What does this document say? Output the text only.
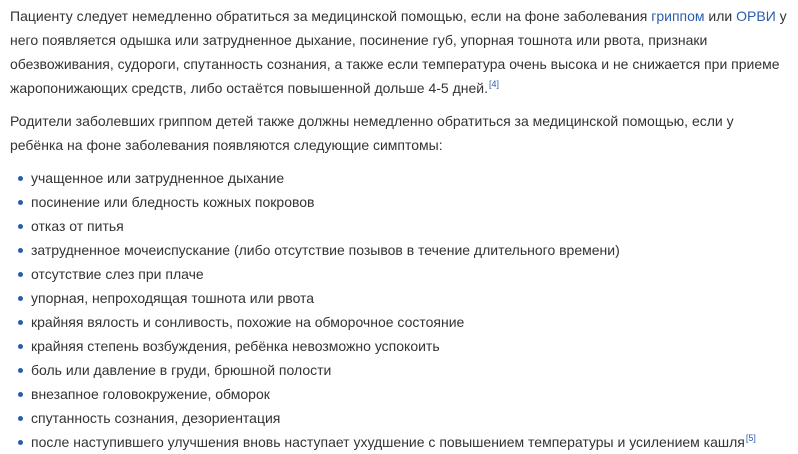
Пациенту следует немедленно обратиться за медицинской помощью, если на фоне заболевания гриппом или ОРВИ у него появляется одышка или затрудненное дыхание, посинение губ, упорная тошнота или рвота, признаки обезвоживания, судороги, спутанность сознания, а также если температура очень высока и не снижается при приеме жаропонижающих средств, либо остаётся повышенной дольше 4-5 дней.[4]

Родители заболевших гриппом детей также должны немедленно обратиться за медицинской помощью, если у ребёнка на фоне заболевания появляются следующие симптомы:

учащенное или затрудненное дыхание
посинение или бледность кожных покровов
отказ от питья
затрудненное мочеиспускание (либо отсутствие позывов в течение длительного времени)
отсутствие слез при плаче
упорная, непроходящая тошнота или рвота
крайняя вялость и сонливость, похожие на обморочное состояние
крайняя степень возбуждения, ребёнка невозможно успокоить
боль или давление в груди, брюшной полости
внезапное головокружение, обморок
спутанность сознания, дезориентация
после наступившего улучшения вновь наступает ухудшение с повышением температуры и усилением кашля[5]
